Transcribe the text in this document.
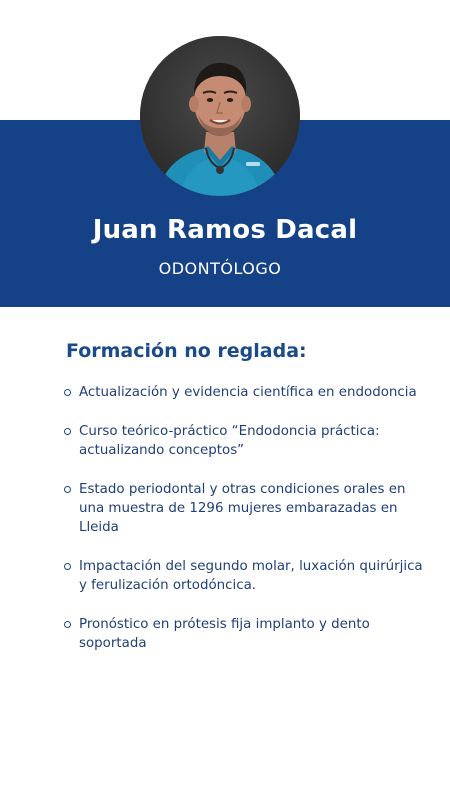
Juan Ramos Dacal
ODONTÓLOGO
Formación no reglada:
Actualización y evidencia científica en endodoncia
Curso teórico-práctico “Endodoncia práctica: actualizando conceptos”
Estado periodontal y otras condiciones orales en una muestra de 1296 mujeres embarazadas en Lleida
Impactación del segundo molar, luxación quirúrjica y ferulización ortodóncica.
Pronóstico en prótesis fija implanto y dento soportada
